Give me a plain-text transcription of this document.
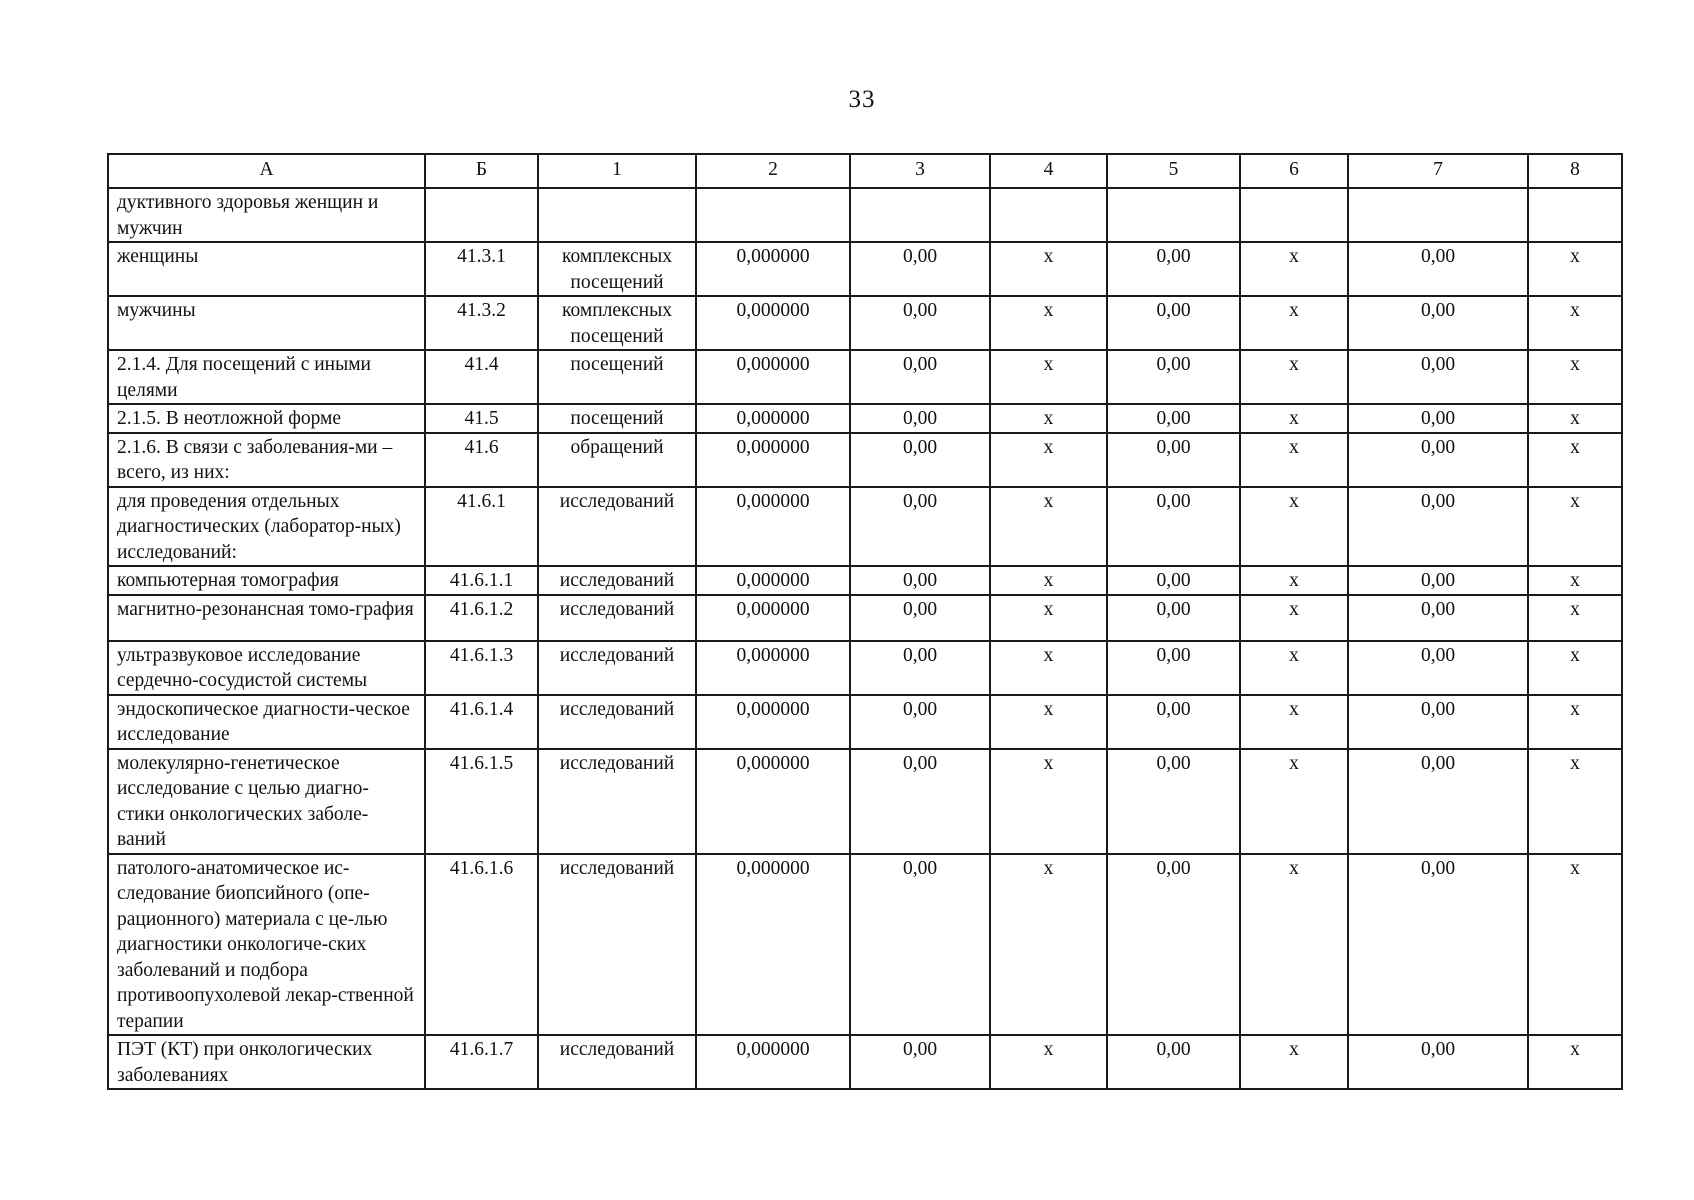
33
А	Б	1	2	3	4	5	6	7	8
дуктивного здоровья женщин и мужчин									
женщины	41.3.1	комплексных посещений	0,000000	0,00	х	0,00	х	0,00	х
мужчины	41.3.2	комплексных посещений	0,000000	0,00	х	0,00	х	0,00	х
2.1.4. Для посещений с иными целями	41.4	посещений	0,000000	0,00	х	0,00	х	0,00	х
2.1.5. В неотложной форме	41.5	посещений	0,000000	0,00	х	0,00	х	0,00	х
2.1.6. В связи с заболевания-ми – всего, из них:	41.6	обращений	0,000000	0,00	х	0,00	х	0,00	х
для проведения отдельных диагностических (лаборатор-ных) исследований:	41.6.1	исследований	0,000000	0,00	х	0,00	х	0,00	х
компьютерная томография	41.6.1.1	исследований	0,000000	0,00	х	0,00	х	0,00	х
магнитно-резонансная томо-графия	41.6.1.2	исследований	0,000000	0,00	х	0,00	х	0,00	х
ультразвуковое исследование сердечно-сосудистой системы	41.6.1.3	исследований	0,000000	0,00	х	0,00	х	0,00	х
эндоскопическое диагности-ческое исследование	41.6.1.4	исследований	0,000000	0,00	х	0,00	х	0,00	х
молекулярно-генетическое исследование с целью диагно-стики онкологических заболе-ваний	41.6.1.5	исследований	0,000000	0,00	х	0,00	х	0,00	х
патолого-анатомическое ис-следование биопсийного (опе-рационного) материала с це-лью диагностики онкологиче-ских заболеваний и подбора противоопухолевой лекар-ственной терапии	41.6.1.6	исследований	0,000000	0,00	х	0,00	х	0,00	х
ПЭТ (КТ) при онкологических заболеваниях	41.6.1.7	исследований	0,000000	0,00	х	0,00	х	0,00	х
